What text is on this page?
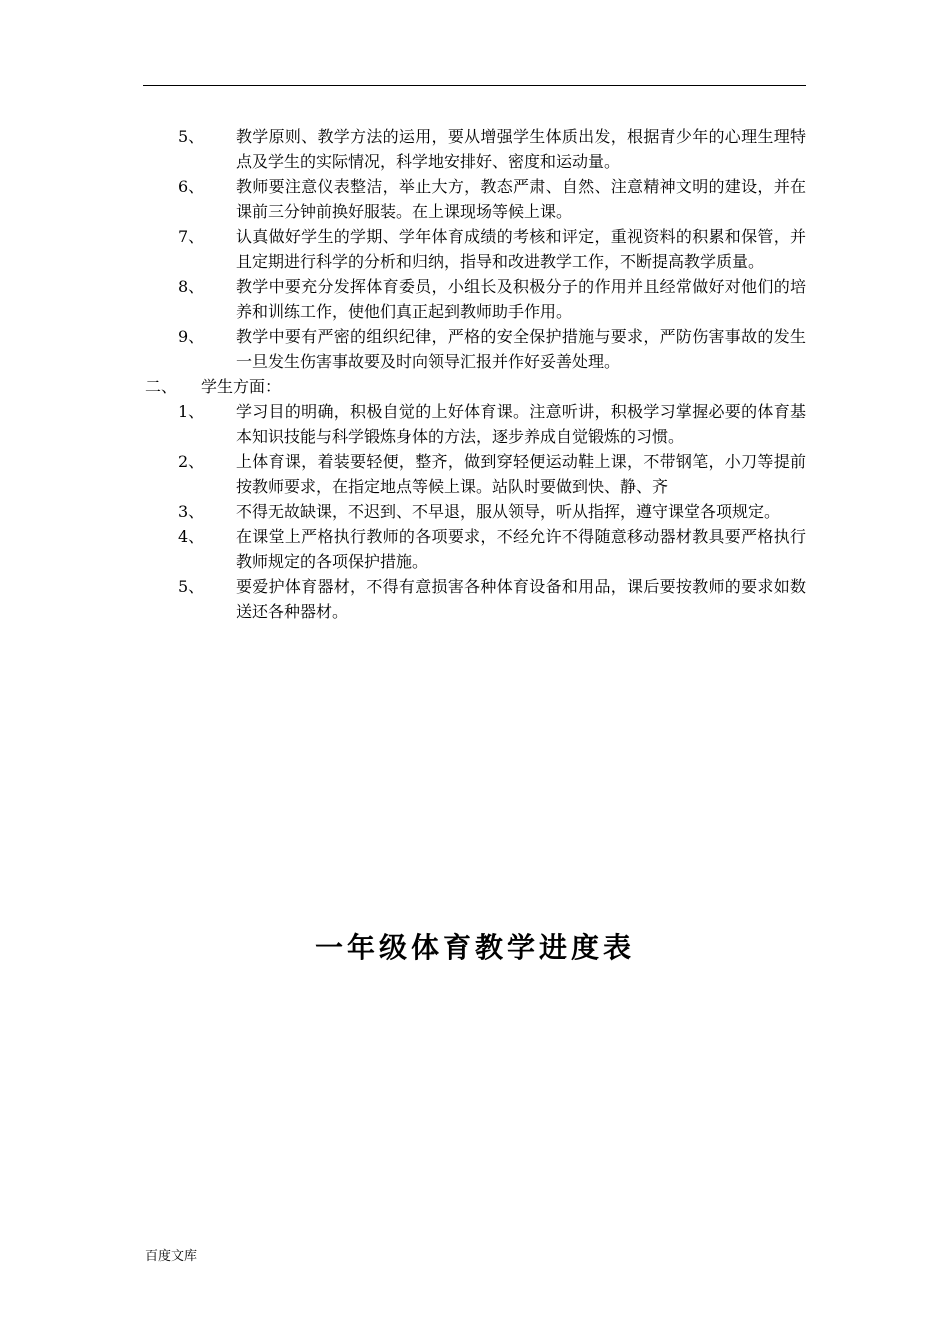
5、 教学原则、教学方法的运用，要从增强学生体质出发，根据青少年的心理生理特点及学生的实际情况，科学地安排好、密度和运动量。
6、 教师要注意仪表整洁，举止大方，教态严肃、自然、注意精神文明的建设，并在课前三分钟前换好服装。在上课现场等候上课。
7、 认真做好学生的学期、学年体育成绩的考核和评定，重视资料的积累和保管，并且定期进行科学的分析和归纳，指导和改进教学工作，不断提高教学质量。
8、 教学中要充分发挥体育委员，小组长及积极分子的作用并且经常做好对他们的培养和训练工作，使他们真正起到教师助手作用。
9、 教学中要有严密的组织纪律，严格的安全保护措施与要求，严防伤害事故的发生一旦发生伤害事故要及时向领导汇报并作好妥善处理。
二、 学生方面：
1、 学习目的明确，积极自觉的上好体育课。注意听讲，积极学习掌握必要的体育基本知识技能与科学锻炼身体的方法，逐步养成自觉锻炼的习惯。
2、 上体育课，着装要轻便，整齐，做到穿轻便运动鞋上课，不带钢笔，小刀等提前按教师要求，在指定地点等候上课。站队时要做到快、静、齐
3、 不得无故缺课，不迟到、不早退，服从领导，听从指挥，遵守课堂各项规定。
4、 在课堂上严格执行教师的各项要求，不经允许不得随意移动器材教具要严格执行教师规定的各项保护措施。
5、 要爱护体育器材，不得有意损害各种体育设备和用品，课后要按教师的要求如数送还各种器材。
一年级体育教学进度表
百度文库
